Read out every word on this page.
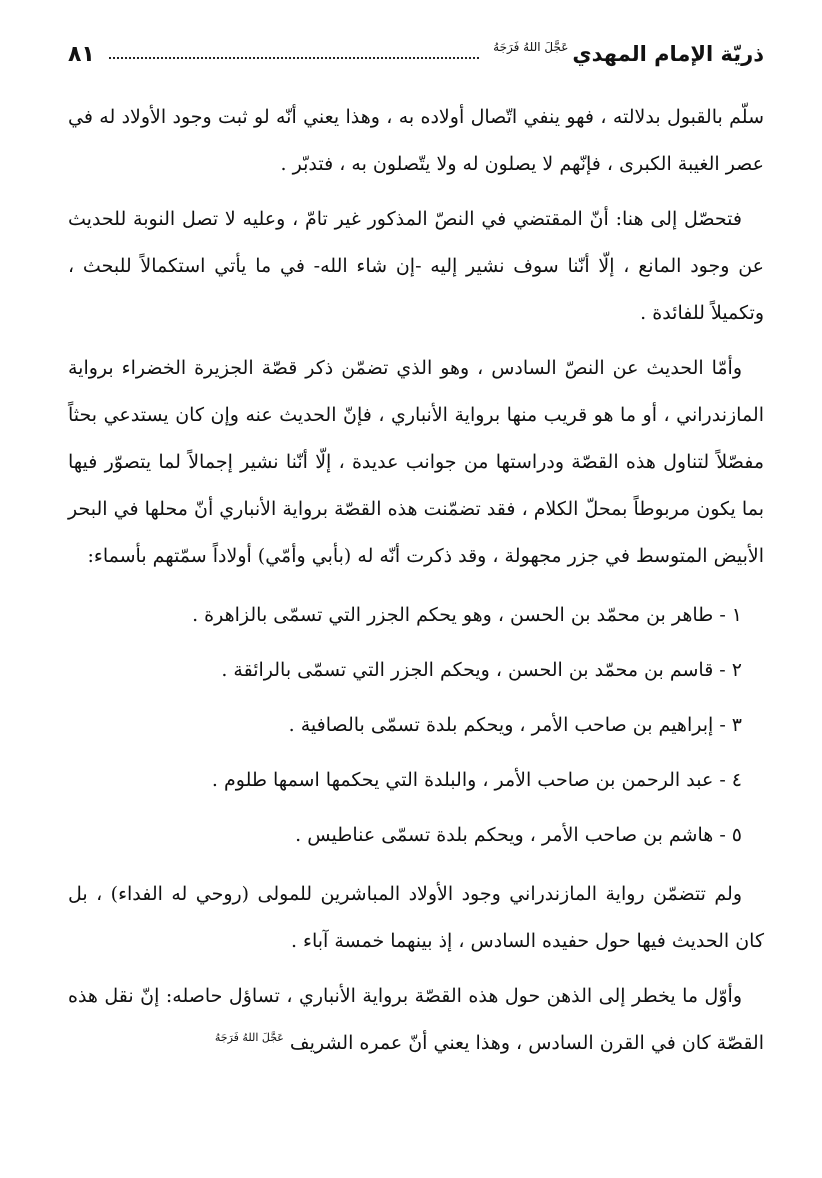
ذريّة الإمام المهدي
عَجَّلَ اللهُ فَرَجَهُ
٨١

سلّم بالقبول بدلالته ، فهو ينفي اتّصال أولاده به ، وهذا يعني أنّه لو ثبت وجود الأولاد له في عصر الغيبة الكبرى ، فإنّهم لا يصلون له ولا يتّصلون به ، فتدبّر .

فتحصّل إلى هنا: أنّ المقتضي في النصّ المذكور غير تامّ ، وعليه لا تصل النوبة للحديث عن وجود المانع ، إلّا أنّنا سوف نشير إليه -إن شاء الله- في ما يأتي استكمالاً للبحث ، وتكميلاً للفائدة .

وأمّا الحديث عن النصّ السادس ، وهو الذي تضمّن ذكر قصّة الجزيرة الخضراء برواية المازندراني ، أو ما هو قريب منها برواية الأنباري ، فإنّ الحديث عنه وإن كان يستدعي بحثاً مفصّلاً لتناول هذه القصّة ودراستها من جوانب عديدة ، إلّا أنّنا نشير إجمالاً لما يتصوّر فيها بما يكون مربوطاً بمحلّ الكلام ، فقد تضمّنت هذه القصّة برواية الأنباري أنّ محلها في البحر الأبيض المتوسط في جزر مجهولة ، وقد ذكرت أنّه له (بأبي وأمّي) أولاداً سمّتهم بأسماء:

١ - طاهر بن محمّد بن الحسن ، وهو يحكم الجزر التي تسمّى بالزاهرة .
٢ - قاسم بن محمّد بن الحسن ، ويحكم الجزر التي تسمّى بالرائقة .
٣ - إبراهيم بن صاحب الأمر ، ويحكم بلدة تسمّى بالصافية .
٤ - عبد الرحمن بن صاحب الأمر ، والبلدة التي يحكمها اسمها طلوم .
٥ - هاشم بن صاحب الأمر ، ويحكم بلدة تسمّى عناطيس .

ولم تتضمّن رواية المازندراني وجود الأولاد المباشرين للمولى (روحي له الفداء) ، بل كان الحديث فيها حول حفيده السادس ، إذ بينهما خمسة آباء .

وأوّل ما يخطر إلى الذهن حول هذه القصّة برواية الأنباري ، تساؤل حاصله: إنّ نقل هذه القصّة كان في القرن السادس ، وهذا يعني أنّ عمره الشريف $^{عَجَّلَ اللهُ فَرَجَهُ}$
